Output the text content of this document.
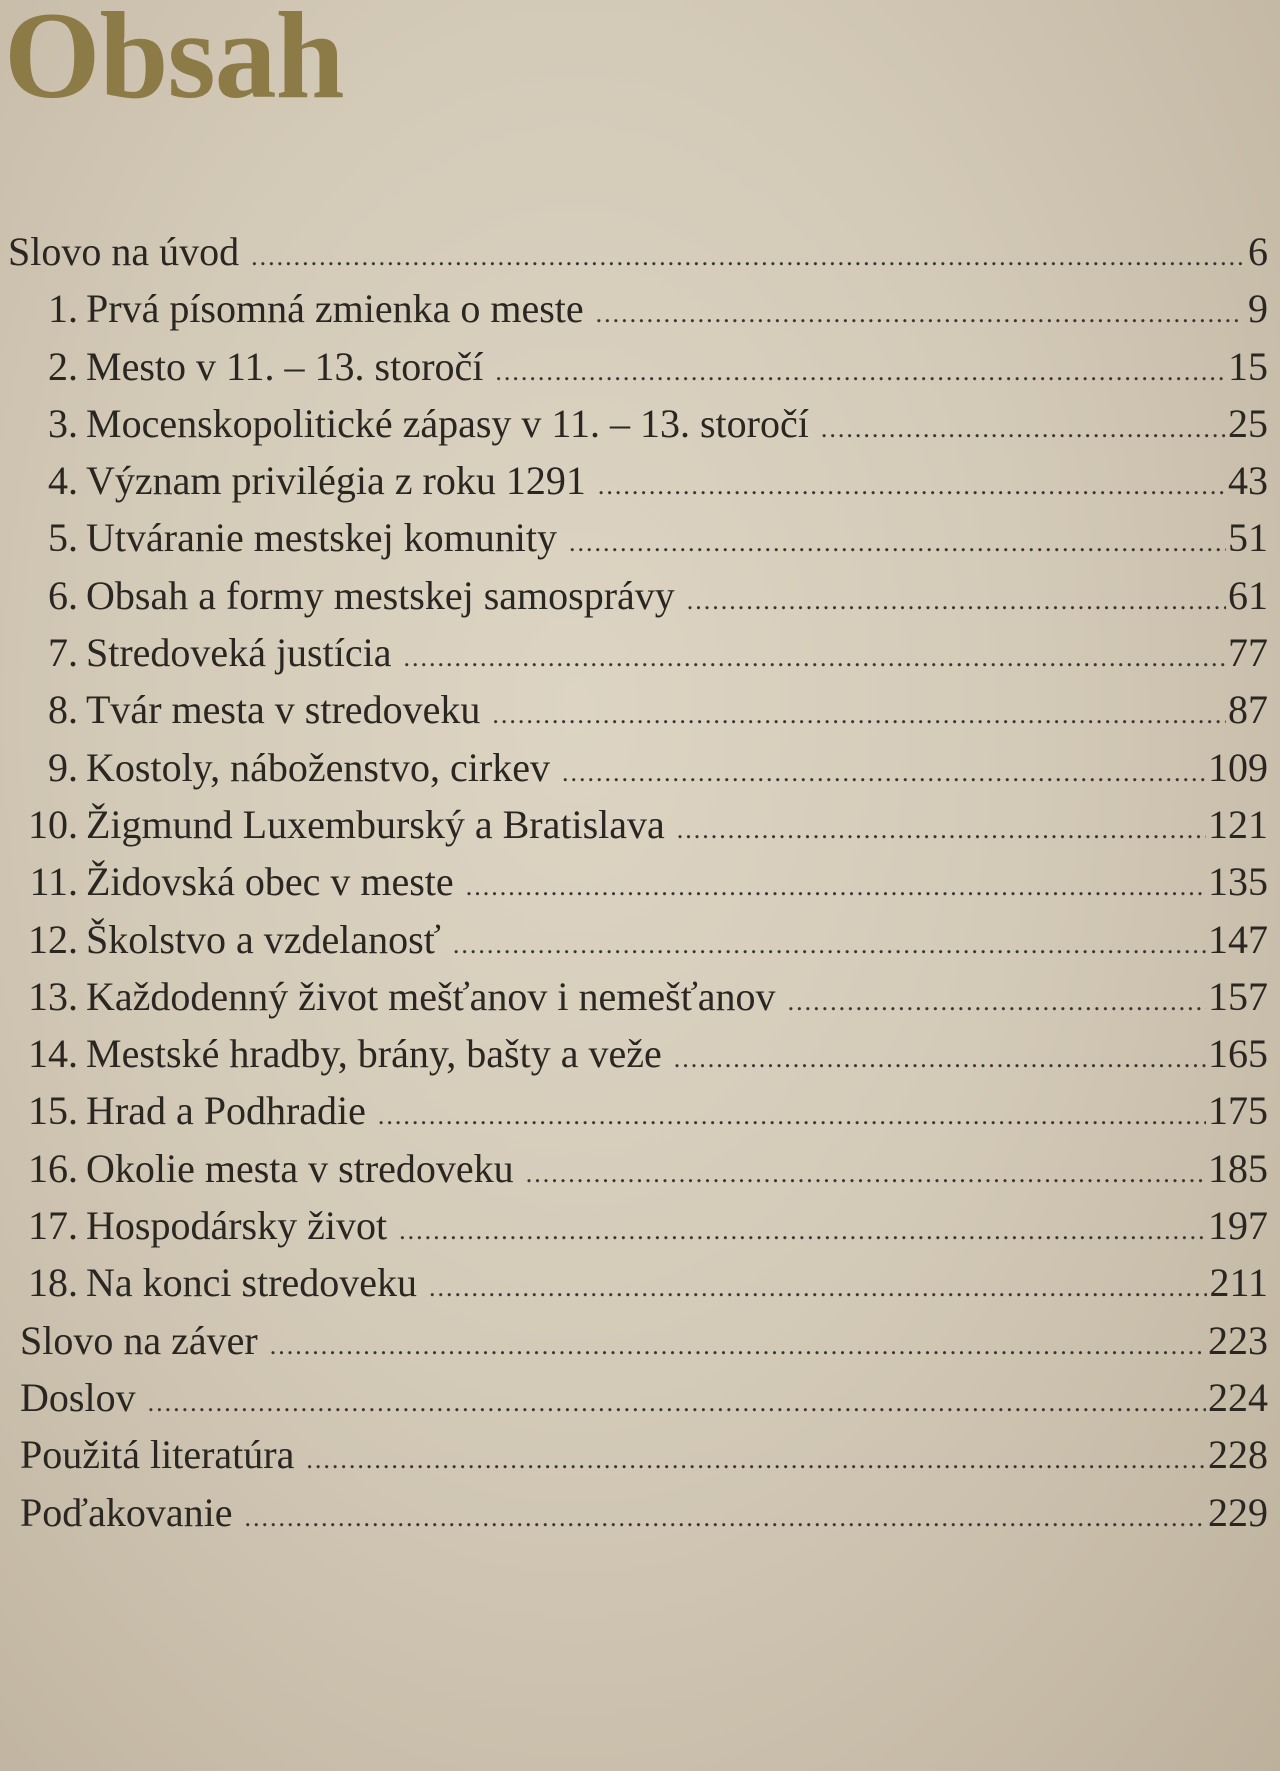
Obsah
Slovo na úvod .....	6
1. Prvá písomná zmienka o meste .....	9
2. Mesto v 11. – 13. storočí .....	15
3. Mocenskopolitické zápasy v 11. – 13. storočí .....	25
4. Význam privilégia z roku 1291 .....	43
5. Utváranie mestskej komunity .....	51
6. Obsah a formy mestskej samosprávy .....	61
7. Stredoveká justícia .....	77
8. Tvár mesta v stredoveku .....	87
9. Kostoly, náboženstvo, cirkev .....	109
10. Žigmund Luxemburský a Bratislava .....	121
11. Židovská obec v meste .....	135
12. Školstvo a vzdelanosť .....	147
13. Každodenný život mešťanov i nemešťanov .....	157
14. Mestské hradby, brány, bašty a veže .....	165
15. Hrad a Podhradie .....	175
16. Okolie mesta v stredoveku .....	185
17. Hospodársky život .....	197
18. Na konci stredoveku .....	211
Slovo na záver .....	223
Doslov .....	224
Použitá literatúra .....	228
Poďakovanie .....	229
